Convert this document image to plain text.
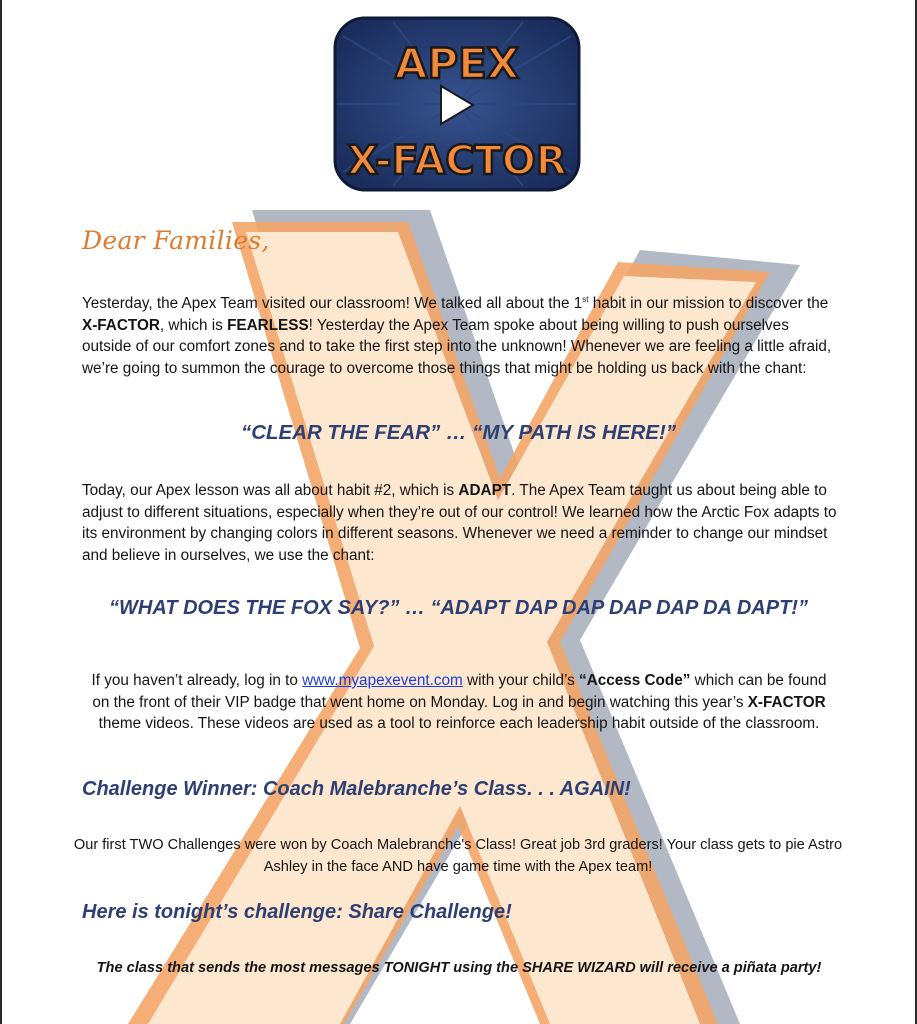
APEX
X-FACTOR
Dear Families,
Yesterday, the Apex Team visited our classroom! We talked all about the 1st habit in our mission to discover the X-FACTOR, which is FEARLESS! Yesterday the Apex Team spoke about being willing to push ourselves outside of our comfort zones and to take the first step into the unknown! Whenever we are feeling a little afraid, we’re going to summon the courage to overcome those things that might be holding us back with the chant:
“CLEAR THE FEAR” … “MY PATH IS HERE!”
Today, our Apex lesson was all about habit #2, which is ADAPT. The Apex Team taught us about being able to adjust to different situations, especially when they’re out of our control! We learned how the Arctic Fox adapts to its environment by changing colors in different seasons. Whenever we need a reminder to change our mindset and believe in ourselves, we use the chant:
“WHAT DOES THE FOX SAY?” … “ADAPT DAP DAP DAP DAP DA DAPT!”
If you haven’t already, log in to www.myapexevent.com with your child’s “Access Code” which can be found on the front of their VIP badge that went home on Monday. Log in and begin watching this year’s X-FACTOR theme videos. These videos are used as a tool to reinforce each leadership habit outside of the classroom.
Challenge Winner: Coach Malebranche’s Class. . . AGAIN!
Our first TWO Challenges were won by Coach Malebranche's Class! Great job 3rd graders! Your class gets to pie Astro Ashley in the face AND have game time with the Apex team!
Here is tonight’s challenge: Share Challenge!
The class that sends the most messages TONIGHT using the SHARE WIZARD will receive a piñata party!
